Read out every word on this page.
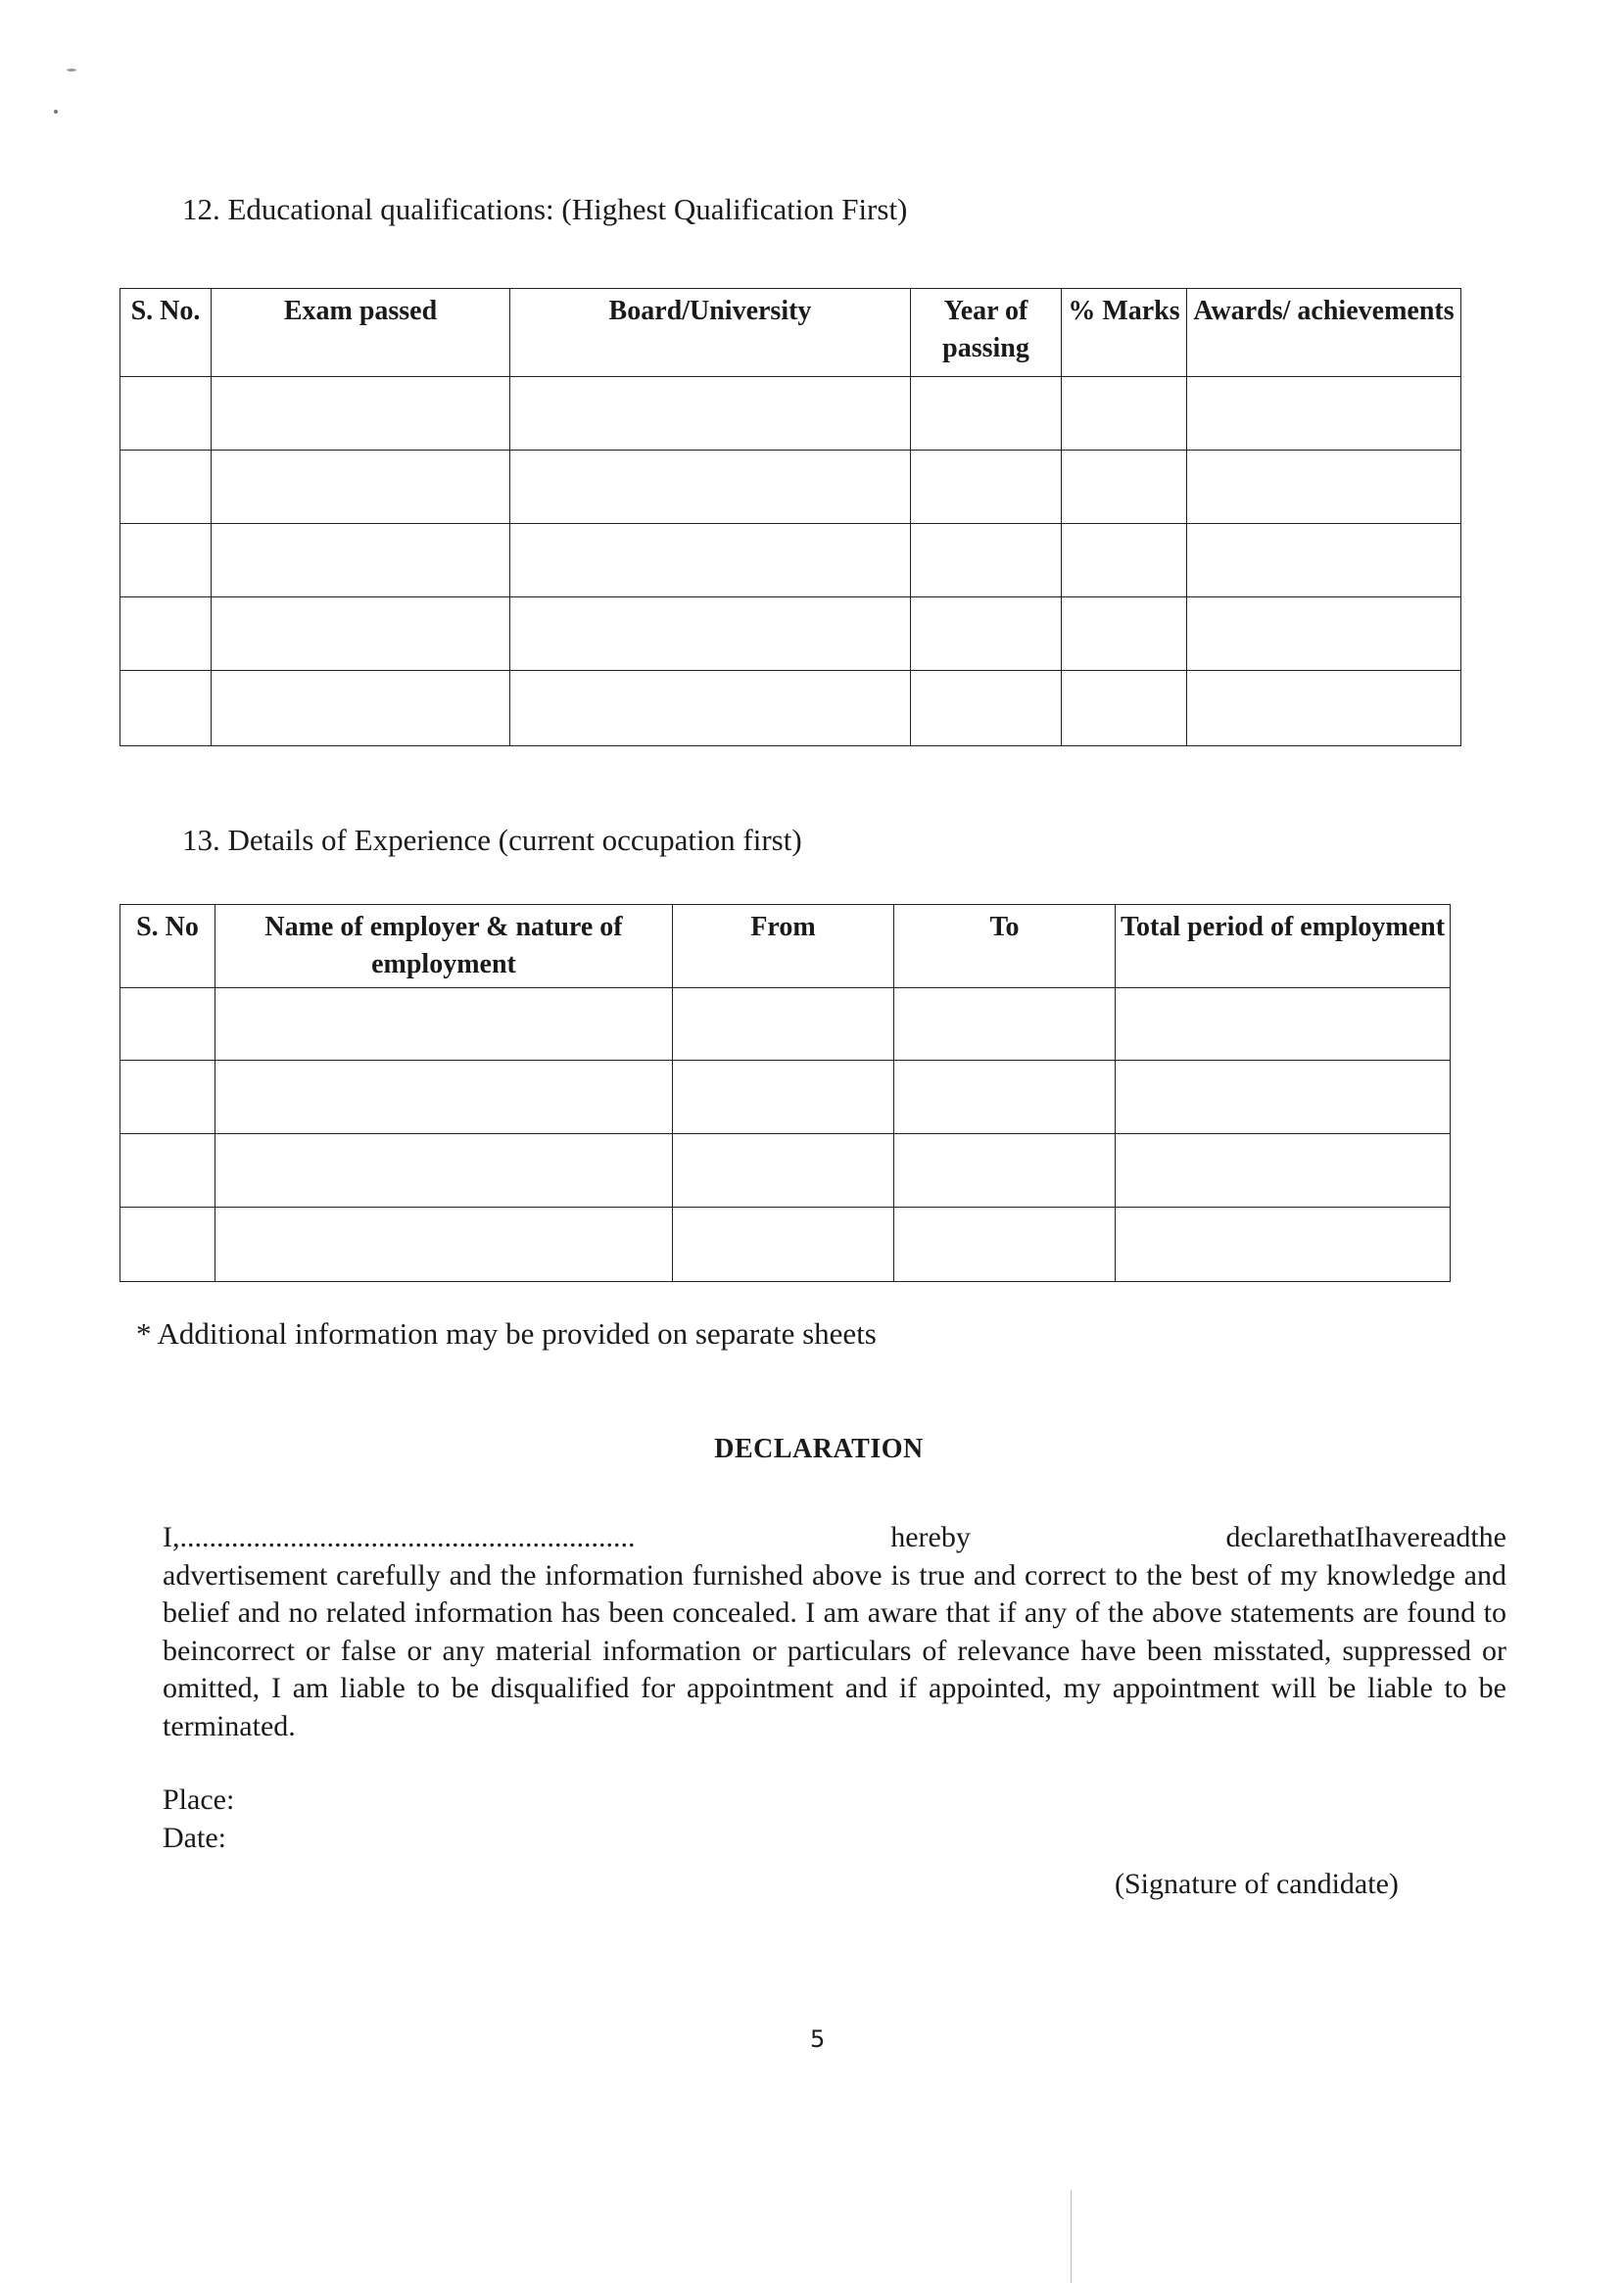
12. Educational qualifications: (Highest Qualification First)
S. No.	Exam passed	Board/University	Year of passing	% Marks	Awards/ achievements

13. Details of Experience (current occupation first)
S. No	Name of employer & nature of employment	From	To	Total period of employment

* Additional information may be provided on separate sheets
DECLARATION
I,..............................................................	hereby	declarethatIhavereadthe
advertisement carefully and the information furnished above is true and correct to the best of my knowledge and belief and no related information has been concealed. I am aware that if any of the above statements are found to beincorrect or false or any material information or particulars of relevance have been misstated, suppressed or omitted, I am liable to be disqualified for appointment and if appointed, my appointment will be liable to be terminated.
Place:
Date:
(Signature of candidate)
5
